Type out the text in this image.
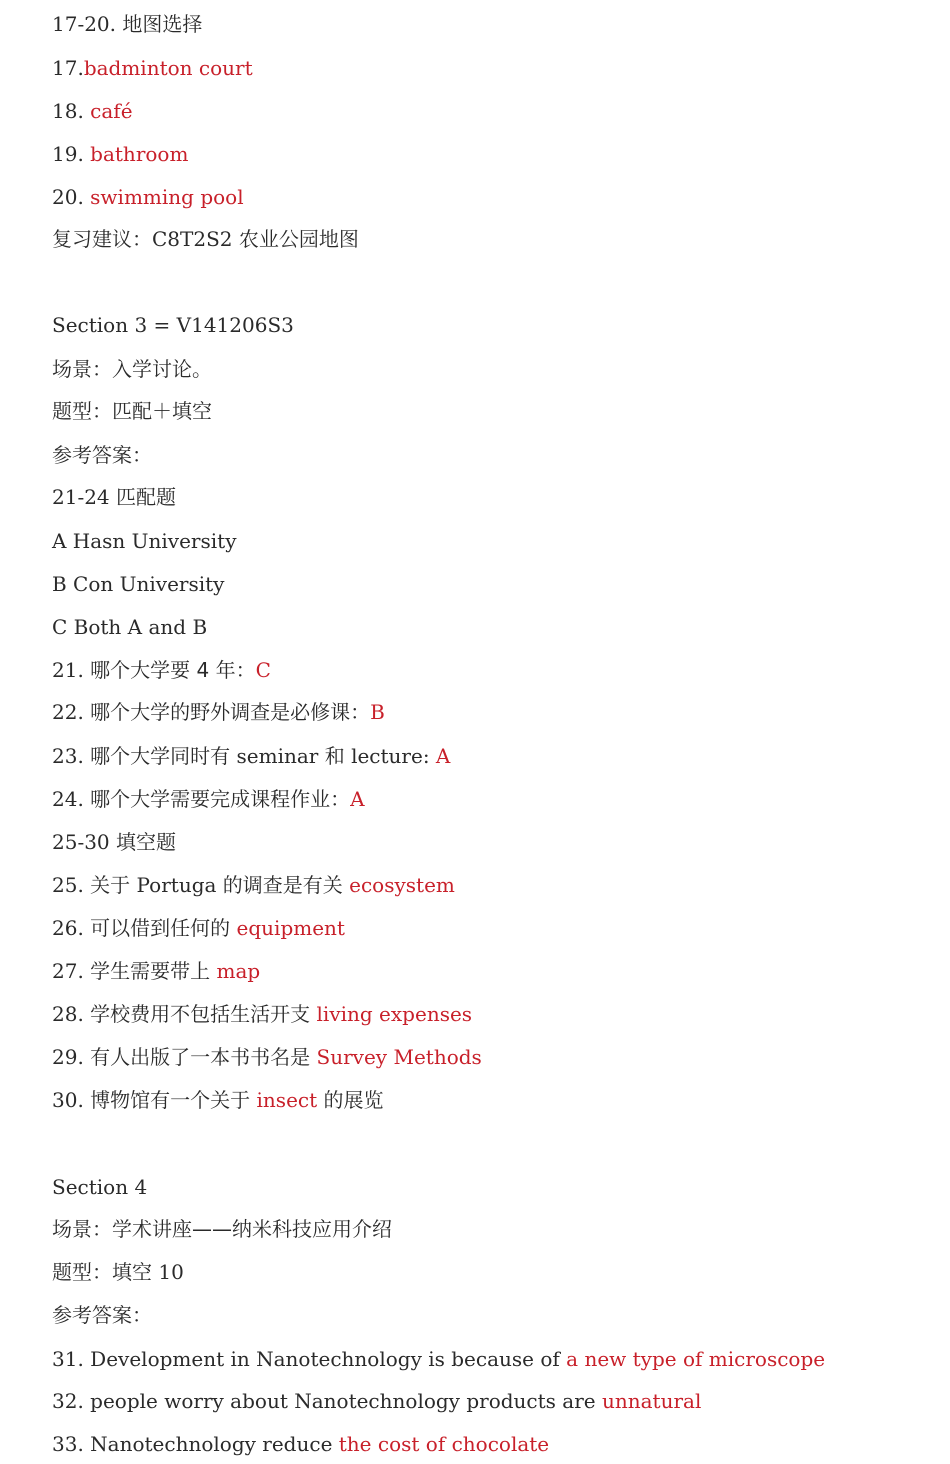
17-20. 地图选择
17.badminton court
18. café
19. bathroom
20. swimming pool
复习建议：C8T2S2 农业公园地图
Section 3 = V141206S3
场景：入学讨论。
题型：匹配＋填空
参考答案：
21-24 匹配题
A Hasn University
B Con University
C Both A and B
21. 哪个大学要 4 年：C
22. 哪个大学的野外调查是必修课：B
23. 哪个大学同时有 seminar 和 lecture: A
24. 哪个大学需要完成课程作业：A
25-30 填空题
25. 关于 Portuga 的调查是有关 ecosystem
26. 可以借到任何的 equipment
27. 学生需要带上 map
28. 学校费用不包括生活开支 living expenses
29. 有人出版了一本书书名是 Survey Methods
30. 博物馆有一个关于 insect 的展览
Section 4
场景：学术讲座——纳米科技应用介绍
题型：填空 10
参考答案：
31. Development in Nanotechnology is because of a new type of microscope
32. people worry about Nanotechnology products are unnatural
33. Nanotechnology reduce the cost of chocolate
